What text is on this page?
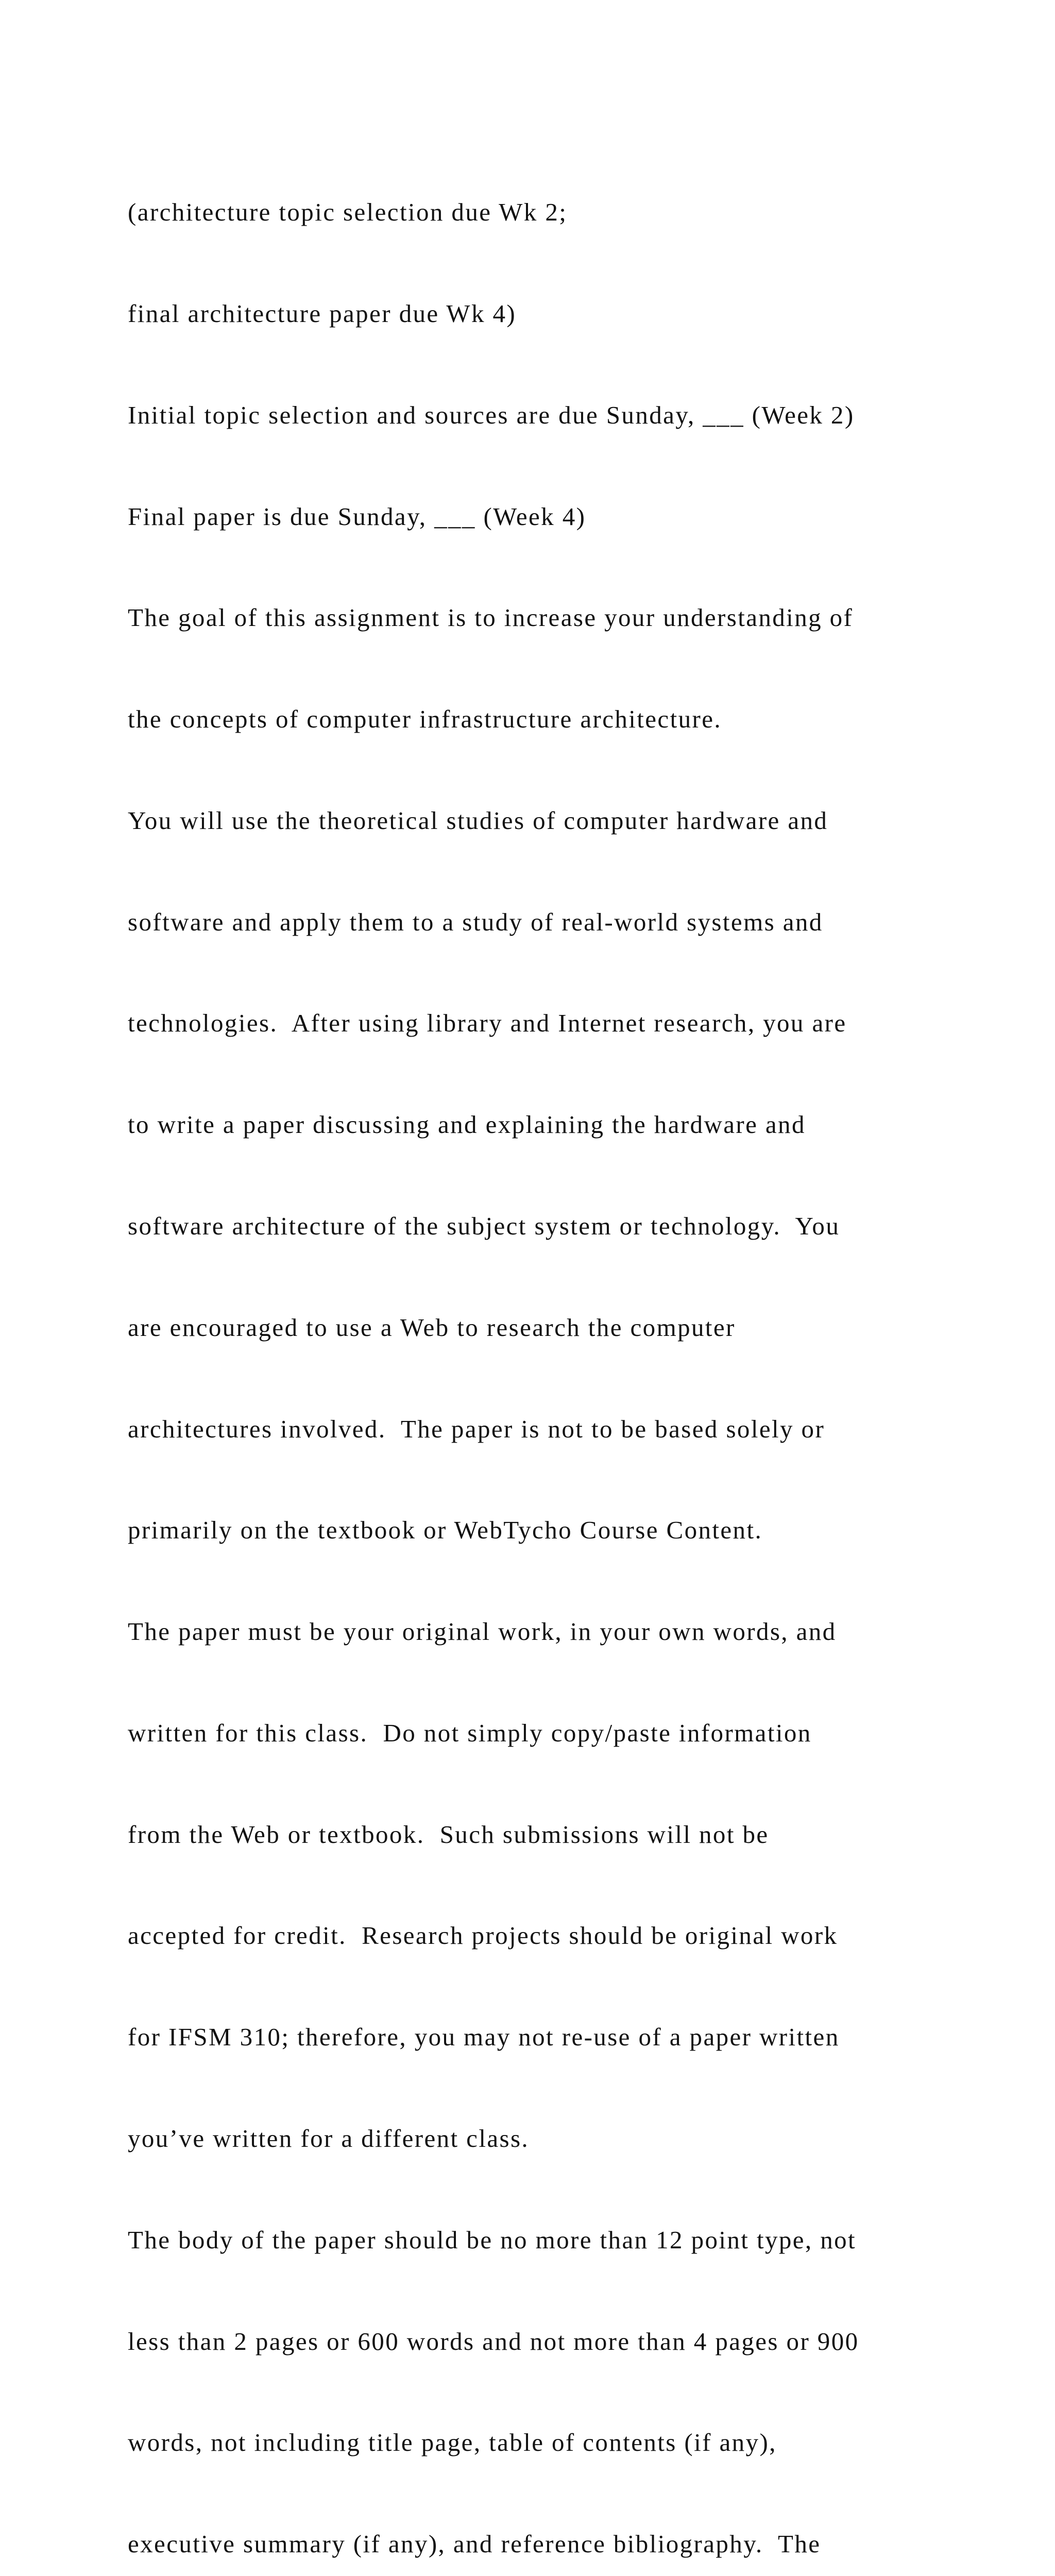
(architecture topic selection due Wk 2;

final architecture paper due Wk 4)

Initial topic selection and sources are due Sunday, ___ (Week 2)

Final paper is due Sunday, ___ (Week 4)

The goal of this assignment is to increase your understanding of

the concepts of computer infrastructure architecture.

You will use the theoretical studies of computer hardware and

software and apply them to a study of real-world systems and

technologies.  After using library and Internet research, you are

to write a paper discussing and explaining the hardware and

software architecture of the subject system or technology.  You

are encouraged to use a Web to research the computer

architectures involved.  The paper is not to be based solely or

primarily on the textbook or WebTycho Course Content.

The paper must be your original work, in your own words, and

written for this class.  Do not simply copy/paste information

from the Web or textbook.  Such submissions will not be

accepted for credit.  Research projects should be original work

for IFSM 310; therefore, you may not re-use of a paper written

you’ve written for a different class.

The body of the paper should be no more than 12 point type, not

less than 2 pages or 600 words and not more than 4 pages or 900

words, not including title page, table of contents (if any),

executive summary (if any), and reference bibliography.  The
